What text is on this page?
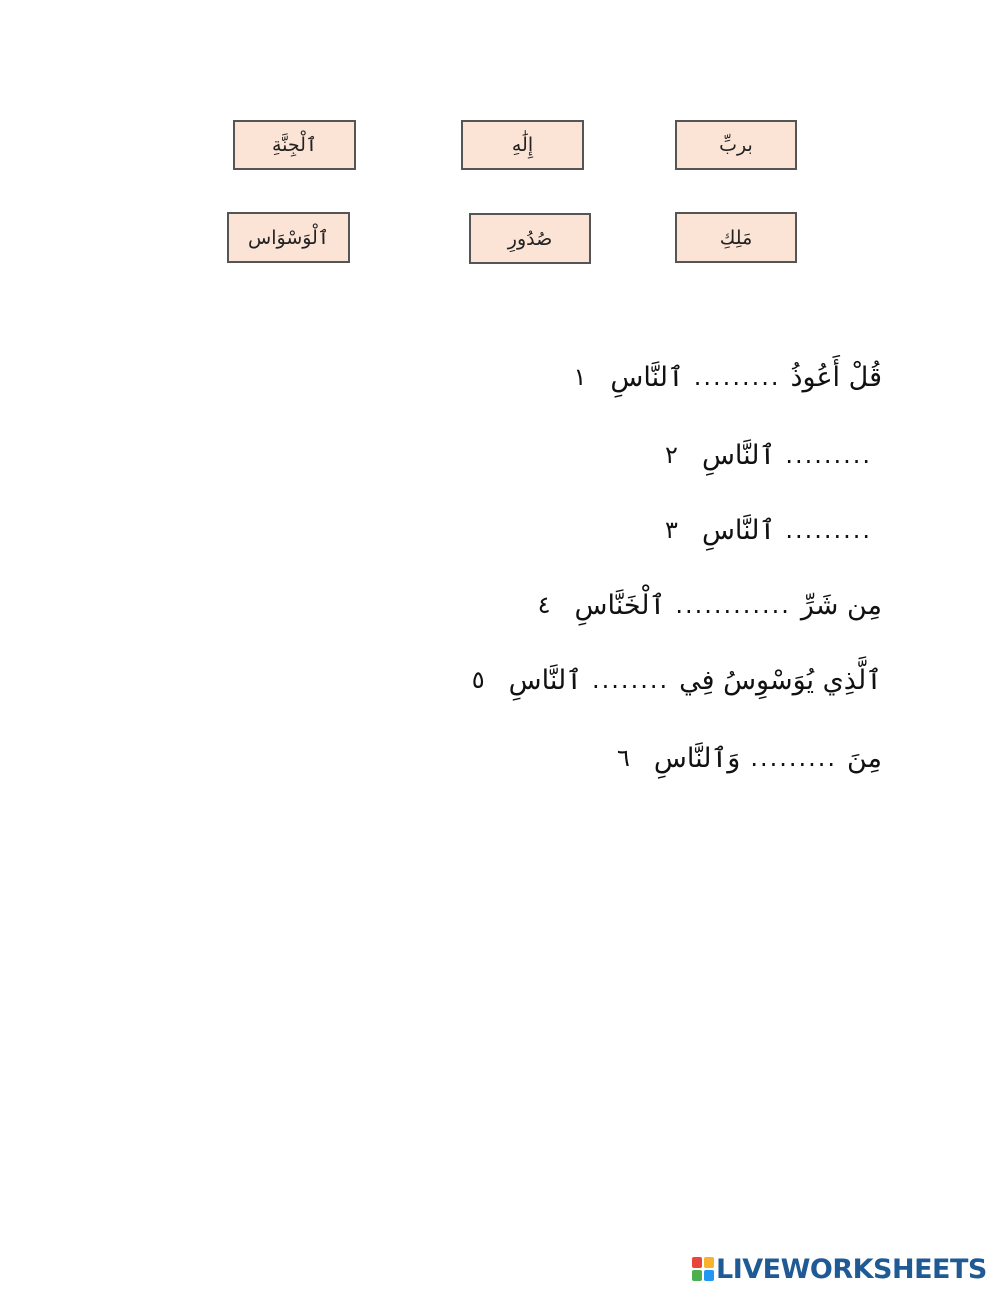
بربِّ
إِلَٰهِ
ٱلْجِنَّةِ
مَلِكِ
صُدُورِ
ٱلْوَسْوَاس
قُلْ أَعُوذُ
.........
ٱلنَّاسِ
١
.........
ٱلنَّاسِ
٢
.........
ٱلنَّاسِ
٣
مِن شَرِّ
............
ٱلْخَنَّاسِ
٤
ٱلَّذِي يُوَسْوِسُ فِي
........
ٱلنَّاسِ
٥
مِنَ
.........
وَٱلنَّاسِ
٦
LIVEWORKSHEETS
